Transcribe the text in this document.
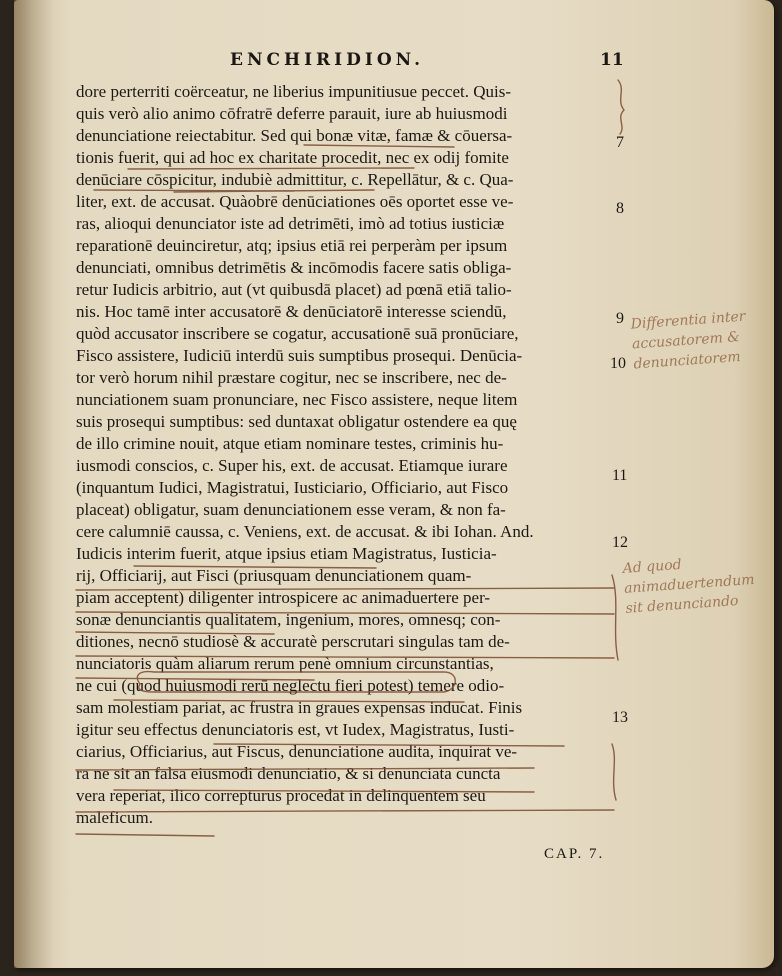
ENCHIRIDION.	11
dore perterriti coërceatur, ne liberius impunitiusue peccet. Quis-
quis verò alio animo cōfratrē deferre parauit, iure ab huiusmodi
denunciatione reiectabitur. Sed qui bonæ vitæ, famæ & cōuersa-
tionis fuerit, qui ad hoc ex charitate procedit, nec ex odij fomite
denūciare cōspicitur, indubiè admittitur, c. Repellātur, & c. Qua-
liter, ext. de accusat. Quàobrē denūciationes oēs oportet esse ve-
ras, alioqui denunciator iste ad detrimēti, imò ad totius iusticiæ
reparationē deuinciretur, atq; ipsius etiā rei perperàm per ipsum
denunciati, omnibus detrimētis & incōmodis facere satis obliga-
retur Iudicis arbitrio, aut (vt quibusdā placet) ad pœnā etiā talio-
nis. Hoc tamē inter accusatorē & denūciatorē interesse sciendū,
quòd accusator inscribere se cogatur, accusationē suā pronūciare,
Fisco assistere, Iudiciū interdū suis sumptibus prosequi. Denūcia-
tor verò horum nihil præstare cogitur, nec se inscribere, nec de-
nunciationem suam pronunciare, nec Fisco assistere, neque litem
suis prosequi sumptibus: sed duntaxat obligatur ostendere ea quę
de illo crimine nouit, atque etiam nominare testes, criminis hu-
iusmodi conscios, c. Super his, ext. de accusat. Etiamque iurare
(inquantum Iudici, Magistratui, Iusticiario, Officiario, aut Fisco
placeat) obligatur, suam denunciationem esse veram, & non fa-
cere calumniē caussa, c. Veniens, ext. de accusat. & ibi Iohan. And.
Iudicis interim fuerit, atque ipsius etiam Magistratus, Iusticia-
rij, Officiarij, aut Fisci (priusquam denunciationem quam-
piam acceptent) diligenter introspicere ac animaduertere per-
sonæ denunciantis qualitatem, ingenium, mores, omnesq; con-
ditiones, necnō studiosè & accuratè perscrutari singulas tam de-
nunciatoris quàm aliarum rerum penè omnium circunstantias,
ne cui (quod huiusmodi rerū neglectu fieri potest) temere odio-
sam molestiam pariat, ac frustra in graues expensas inducat. Finis
igitur seu effectus denunciatoris est, vt Iudex, Magistratus, Iusti-
ciarius, Officiarius, aut Fiscus, denunciatione audita, inquirat ve-
ra ne sit an falsa eiusmodi denunciatio, & si denunciata cuncta
vera reperiat, ilico correpturus procedat in delinquentem seu
maleficum.
7
8
9
10
11
12
13
CAP. 7.
Differentia inter accusatorem & denunciatorem
Ad quod animaduertendum sit denunciando
